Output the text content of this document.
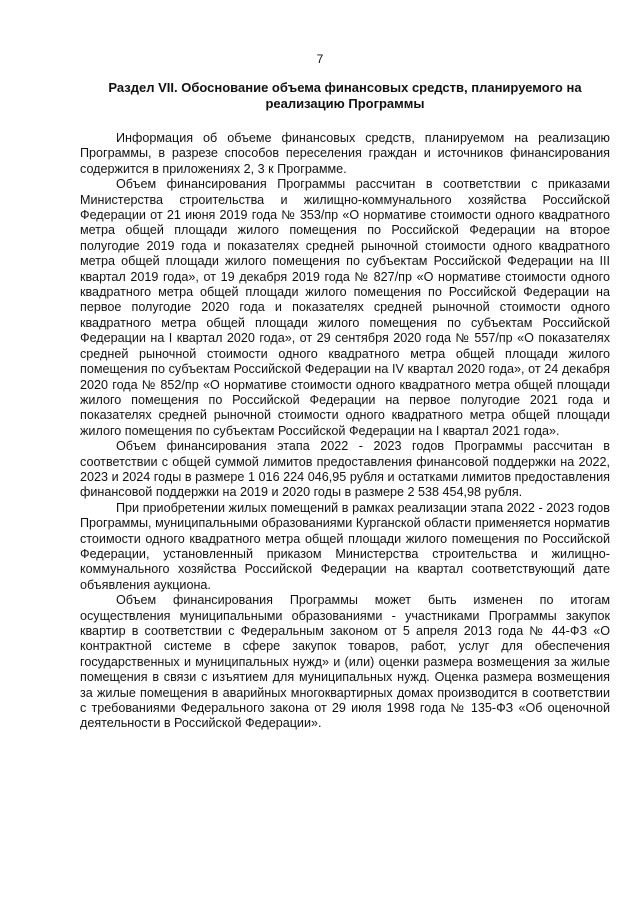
7
Раздел VII. Обоснование объема финансовых средств, планируемого на реализацию Программы

Информация об объеме финансовых средств, планируемом на реализацию Программы, в разрезе способов переселения граждан и источников финансирования содержится в приложениях 2, 3 к Программе.

Объем финансирования Программы рассчитан в соответствии с приказами Министерства строительства и жилищно-коммунального хозяйства Российской Федерации от 21 июня 2019 года № 353/пр «О нормативе стоимости одного квадратного метра общей площади жилого помещения по Российской Федерации на второе полугодие 2019 года и показателях средней рыночной стоимости одного квадратного метра общей площади жилого помещения по субъектам Российской Федерации на III квартал 2019 года», от 19 декабря 2019 года № 827/пр «О нормативе стоимости одного квадратного метра общей площади жилого помещения по Российской Федерации на первое полугодие 2020 года и показателях средней рыночной стоимости одного квадратного метра общей площади жилого помещения по субъектам Российской Федерации на I квартал 2020 года», от 29 сентября 2020 года № 557/пр «О показателях средней рыночной стоимости одного квадратного метра общей площади жилого помещения по субъектам Российской Федерации на IV квартал 2020 года», от 24 декабря 2020 года № 852/пр «О нормативе стоимости одного квадратного метра общей площади жилого помещения по Российской Федерации на первое полугодие 2021 года и показателях средней рыночной стоимости одного квадратного метра общей площади жилого помещения по субъектам Российской Федерации на I квартал 2021 года».

Объем финансирования этапа 2022 - 2023 годов Программы рассчитан в соответствии с общей суммой лимитов предоставления финансовой поддержки на 2022, 2023 и 2024 годы в размере 1 016 224 046,95 рубля и остатками лимитов предоставления финансовой поддержки на 2019 и 2020 годы в размере 2 538 454,98 рубля.

При приобретении жилых помещений в рамках реализации этапа 2022 - 2023 годов Программы, муниципальными образованиями Курганской области применяется норматив стоимости одного квадратного метра общей площади жилого помещения по Российской Федерации, установленный приказом Министерства строительства и жилищно-коммунального хозяйства Российской Федерации на квартал соответствующий дате объявления аукциона.

Объем финансирования Программы может быть изменен по итогам осуществления муниципальными образованиями - участниками Программы закупок квартир в соответствии с Федеральным законом от 5 апреля 2013 года № 44-ФЗ «О контрактной системе в сфере закупок товаров, работ, услуг для обеспечения государственных и муниципальных нужд» и (или) оценки размера возмещения за жилые помещения в связи с изъятием для муниципальных нужд. Оценка размера возмещения за жилые помещения в аварийных многоквартирных домах производится в соответствии с требованиями Федерального закона от 29 июля 1998 года № 135-ФЗ «Об оценочной деятельности в Российской Федерации».
